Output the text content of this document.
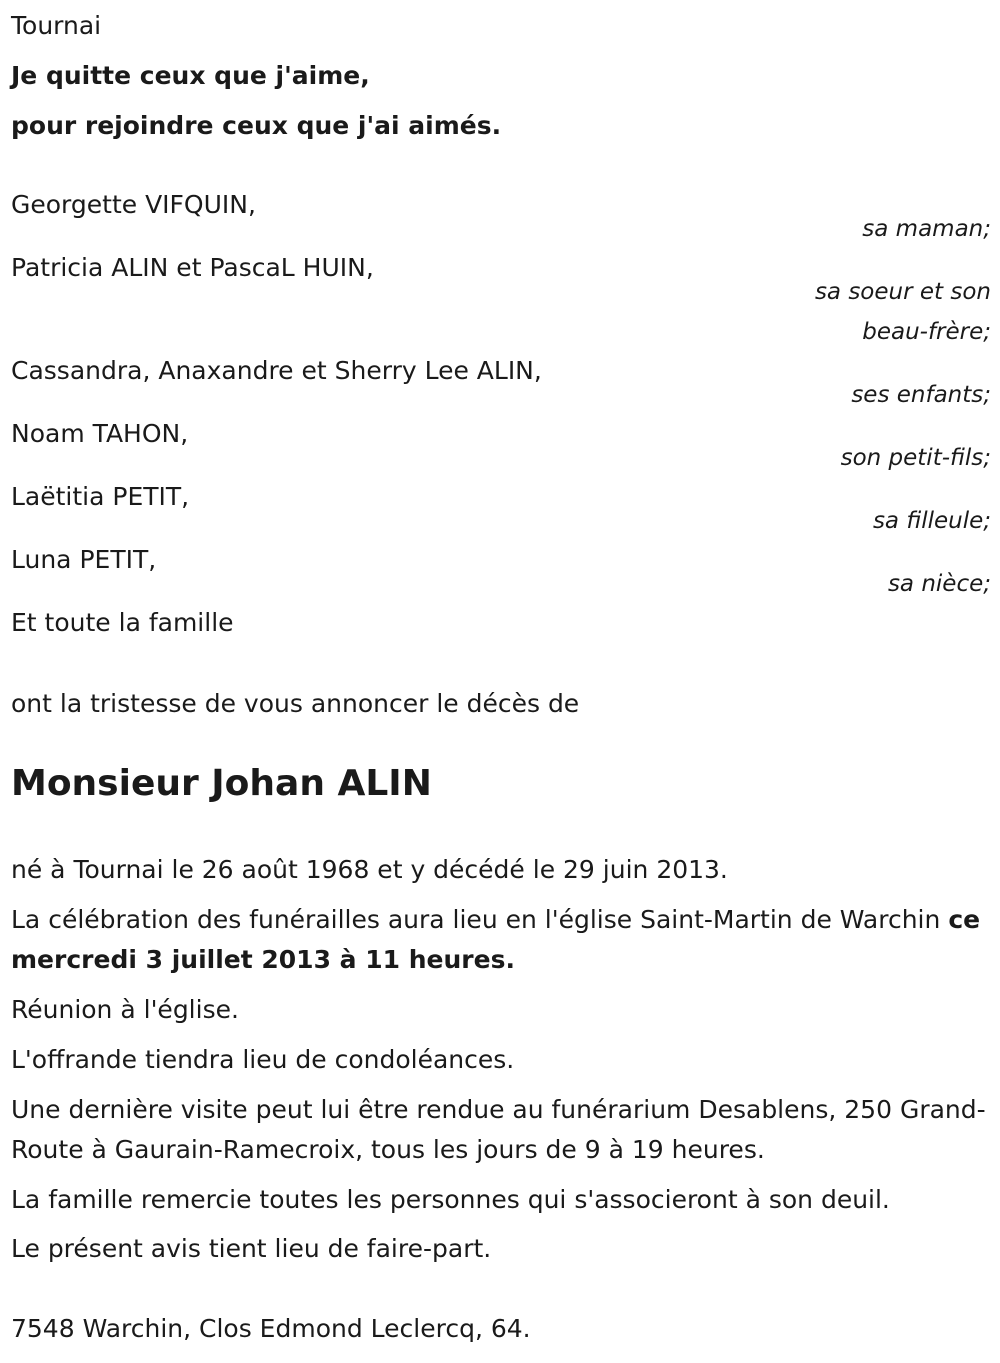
Tournai
Je quitte ceux que j'aime,
pour rejoindre ceux que j'ai aimés.
Georgette VIFQUIN,
sa maman;
Patricia ALIN et PascaL HUIN,
sa soeur et son
beau-frère;
Cassandra, Anaxandre et Sherry Lee ALIN,
ses enfants;
Noam TAHON,
son petit-fils;
Laëtitia PETIT,
sa filleule;
Luna PETIT,
sa nièce;
Et toute la famille
ont la tristesse de vous annoncer le décès de
Monsieur Johan ALIN
né à Tournai le 26 août 1968 et y décédé le 29 juin 2013.
La célébration des funérailles aura lieu en l'église Saint-Martin de Warchin ce mercredi 3 juillet 2013 à 11 heures.
Réunion à l'église.
L'offrande tiendra lieu de condoléances.
Une dernière visite peut lui être rendue au funérarium Desablens, 250 Grand-Route à Gaurain-Ramecroix, tous les jours de 9 à 19 heures.
La famille remercie toutes les personnes qui s'associeront à son deuil.
Le présent avis tient lieu de faire-part.
7548 Warchin, Clos Edmond Leclercq, 64.
